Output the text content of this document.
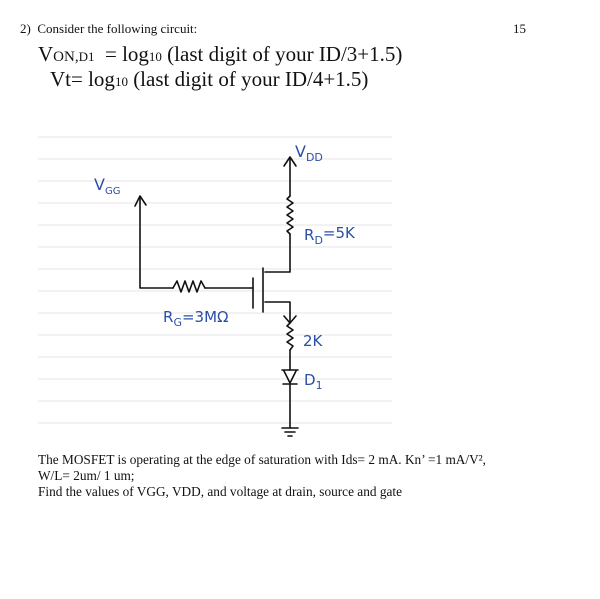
2) Consider the following circuit:	15
VON,D1 = log10 (last digit of your ID/3+1.5)
Vt= log10 (last digit of your ID/4+1.5)
$V_{DD}$
$V_{GG}$
$R_D=5K$
$R_G=3M\Omega$
2K
$D_1$
The MOSFET is operating at the edge of saturation with Ids= 2 mA. Kn’ =1 mA/V²,
W/L= 2um/ 1 um;
Find the values of VGG, VDD, and voltage at drain, source and gate
